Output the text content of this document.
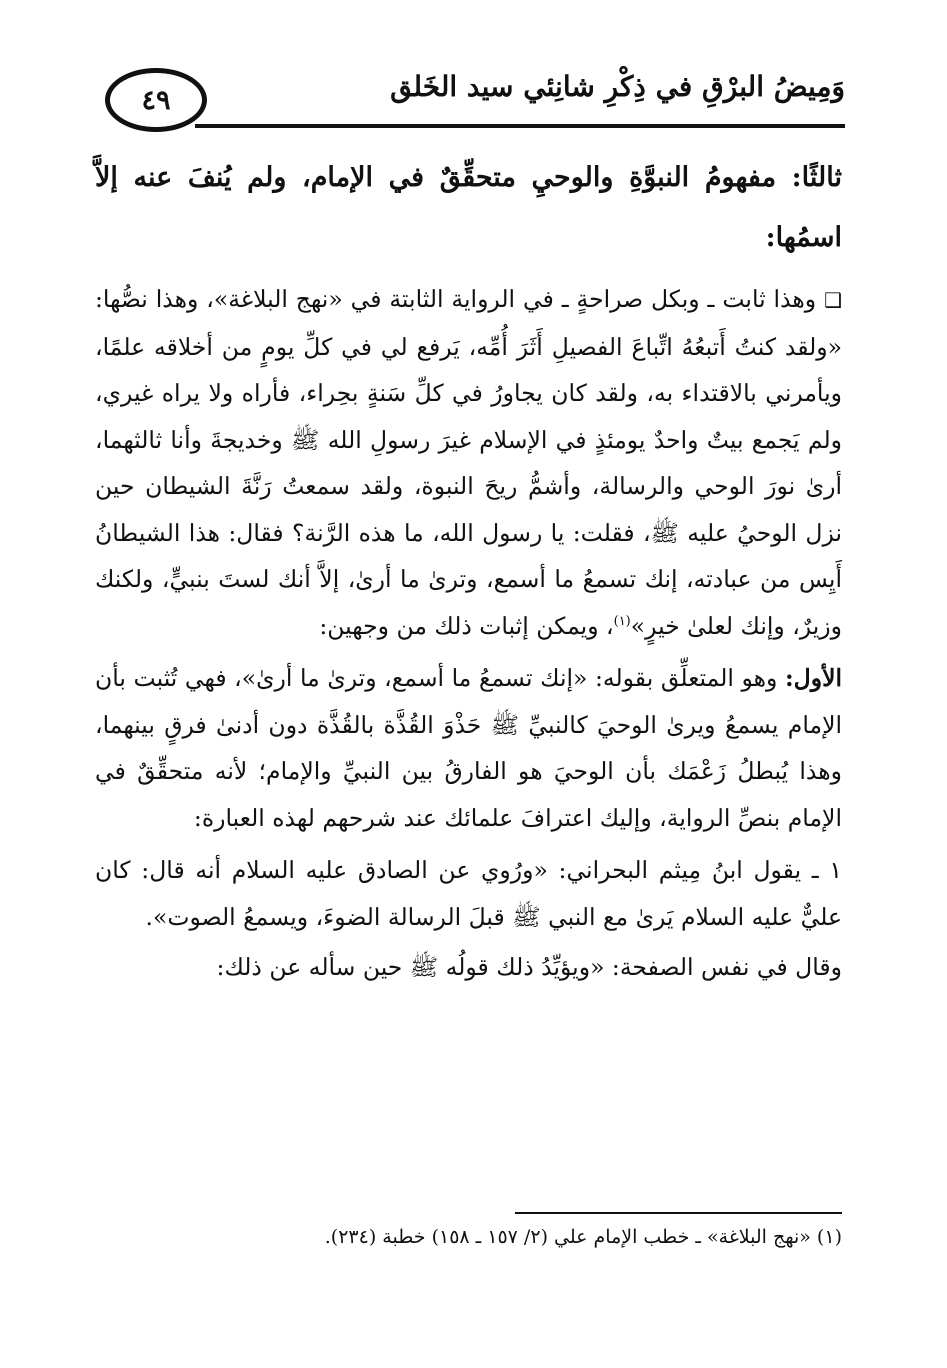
٤٩	وَمِيضُ البرْقِ في ذِكْرِ شانِئي سيد الخَلق

ثالثًا: مفهومُ النبوَّةِ والوحيِ متحقِّقٌ في الإمام، ولم يُنفَ عنه إلاَّ اسمُها:

❑ وهذا ثابت ـ وبكل صراحةٍ ـ في الرواية الثابتة في «نهج البلاغة»، وهذا نصُّها: «ولقد كنتُ أَتبعُهُ اتِّباعَ الفصيلِ أَثَرَ أُمِّه، يَرفع لي في كلِّ يومٍ من أخلاقه علمًا، ويأمرني بالاقتداء به، ولقد كان يجاورُ في كلِّ سَنةٍ بحِراء، فأراه ولا يراه غيري، ولم يَجمع بيتٌ واحدٌ يومئذٍ في الإسلام غيرَ رسولِ الله ﷺ وخديجةَ وأنا ثالثهما، أرىٰ نورَ الوحي والرسالة، وأشمُّ ريحَ النبوة، ولقد سمعتُ رَنَّةَ الشيطان حين نزل الوحيُ عليه ﷺ، فقلت: يا رسول الله، ما هذه الرَّنة؟ فقال: هذا الشيطانُ أَيِس من عبادته، إنك تسمعُ ما أسمع، وترىٰ ما أرىٰ، إلاَّ أنك لستَ بنبيٍّ، ولكنك وزيرٌ، وإنك لعلىٰ خيرٍ»$^{(١)}$، ويمكن إثبات ذلك من وجهين:

الأول: وهو المتعلِّق بقوله: «إنك تسمعُ ما أسمع، وترىٰ ما أرىٰ»، فهي تُثبت بأن الإمام يسمعُ ويرىٰ الوحيَ كالنبيِّ ﷺ حَذْوَ القُذَّة بالقُذَّة دون أدنىٰ فرقٍ بينهما، وهذا يُبطلُ زَعْمَك بأن الوحيَ هو الفارقُ بين النبيِّ والإمام؛ لأنه متحقِّقٌ في الإمام بنصِّ الرواية، وإليك اعترافَ علمائك عند شرحهم لهذه العبارة:

١ ـ يقول ابنُ مِيثم البحراني: «ورُوي عن الصادق عليه السلام أنه قال: كان عليٌّ عليه السلام يَرىٰ مع النبي ﷺ قبلَ الرسالة الضوءَ، ويسمعُ الصوت».

وقال في نفس الصفحة: «ويؤيِّدُ ذلك قولُه ﷺ حين سأله عن ذلك:

(١) «نهج البلاغة» ـ خطب الإمام علي (٢/ ١٥٧ ـ ١٥٨) خطبة (٢٣٤).
